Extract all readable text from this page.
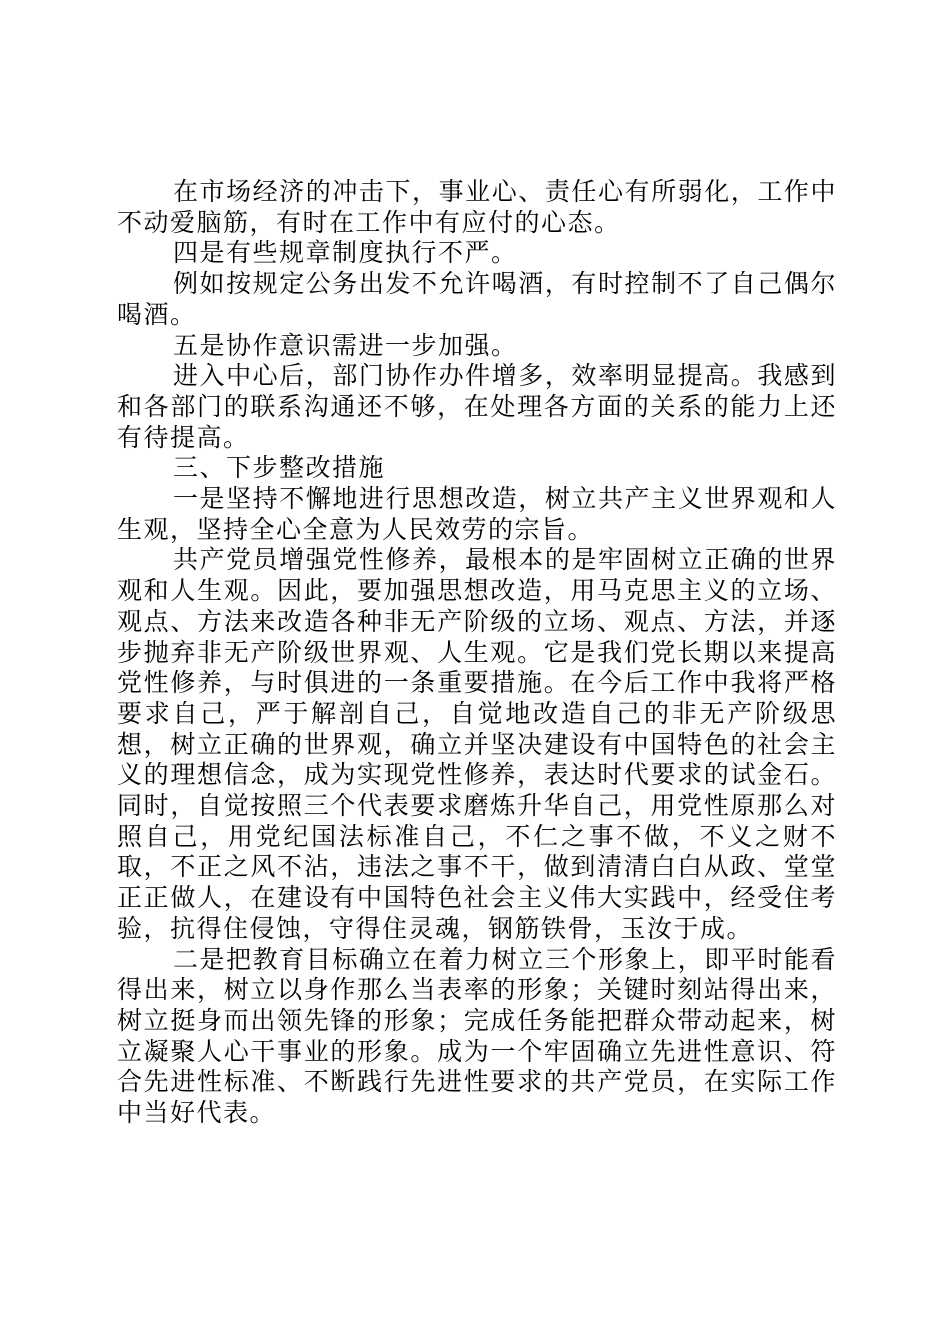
在市场经济的冲击下，事业心、责任心有所弱化，工作中不动爱脑筋，有时在工作中有应付的心态。

四是有些规章制度执行不严。

例如按规定公务出发不允许喝酒，有时控制不了自己偶尔喝酒。

五是协作意识需进一步加强。

进入中心后，部门协作办件增多，效率明显提高。我感到和各部门的联系沟通还不够，在处理各方面的关系的能力上还有待提高。

三、下步整改措施

一是坚持不懈地进行思想改造，树立共产主义世界观和人生观，坚持全心全意为人民效劳的宗旨。

共产党员增强党性修养，最根本的是牢固树立正确的世界观和人生观。因此，要加强思想改造，用马克思主义的立场、观点、方法来改造各种非无产阶级的立场、观点、方法，并逐步抛弃非无产阶级世界观、人生观。它是我们党长期以来提高党性修养，与时俱进的一条重要措施。在今后工作中我将严格要求自己，严于解剖自己，自觉地改造自己的非无产阶级思想，树立正确的世界观，确立并坚决建设有中国特色的社会主义的理想信念，成为实现党性修养，表达时代要求的试金石。同时，自觉按照三个代表要求磨炼升华自己，用党性原那么对照自己，用党纪国法标准自己，不仁之事不做，不义之财不取，不正之风不沾，违法之事不干，做到清清白白从政、堂堂正正做人，在建设有中国特色社会主义伟大实践中，经受住考验，抗得住侵蚀，守得住灵魂，钢筋铁骨，玉汝于成。

二是把教育目标确立在着力树立三个形象上，即平时能看得出来，树立以身作那么当表率的形象；关键时刻站得出来，树立挺身而出领先锋的形象；完成任务能把群众带动起来，树立凝聚人心干事业的形象。成为一个牢固确立先进性意识、符合先进性标准、不断践行先进性要求的共产党员，在实际工作中当好代表。
